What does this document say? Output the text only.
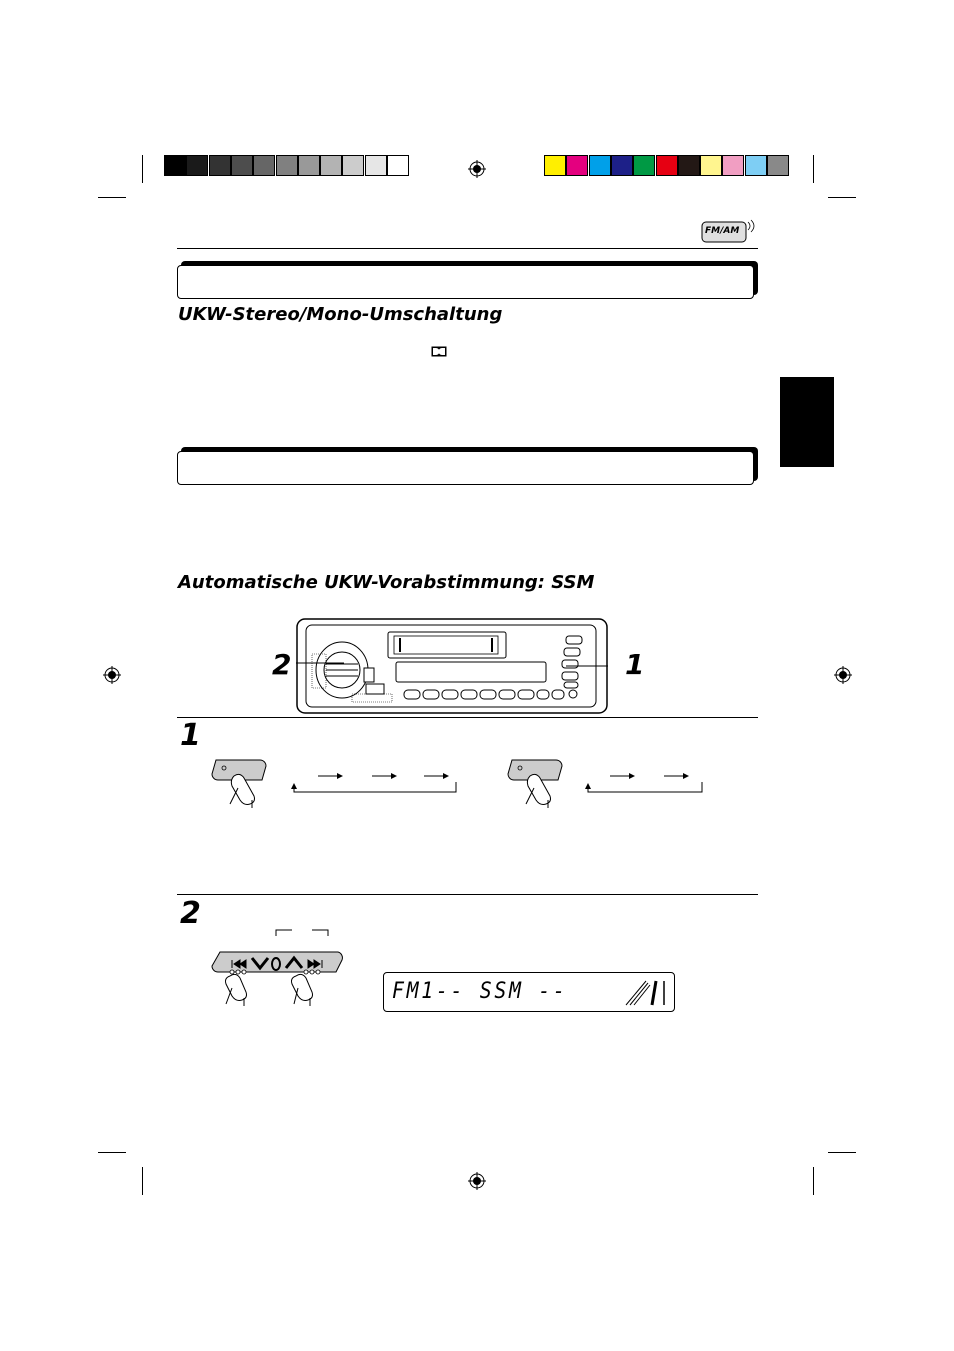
FM/AM
UKW-Stereo/Mono-Umschaltung
Automatische UKW-Vorabstimmung: SSM
2	1
1
2
FM1-- SSM --
